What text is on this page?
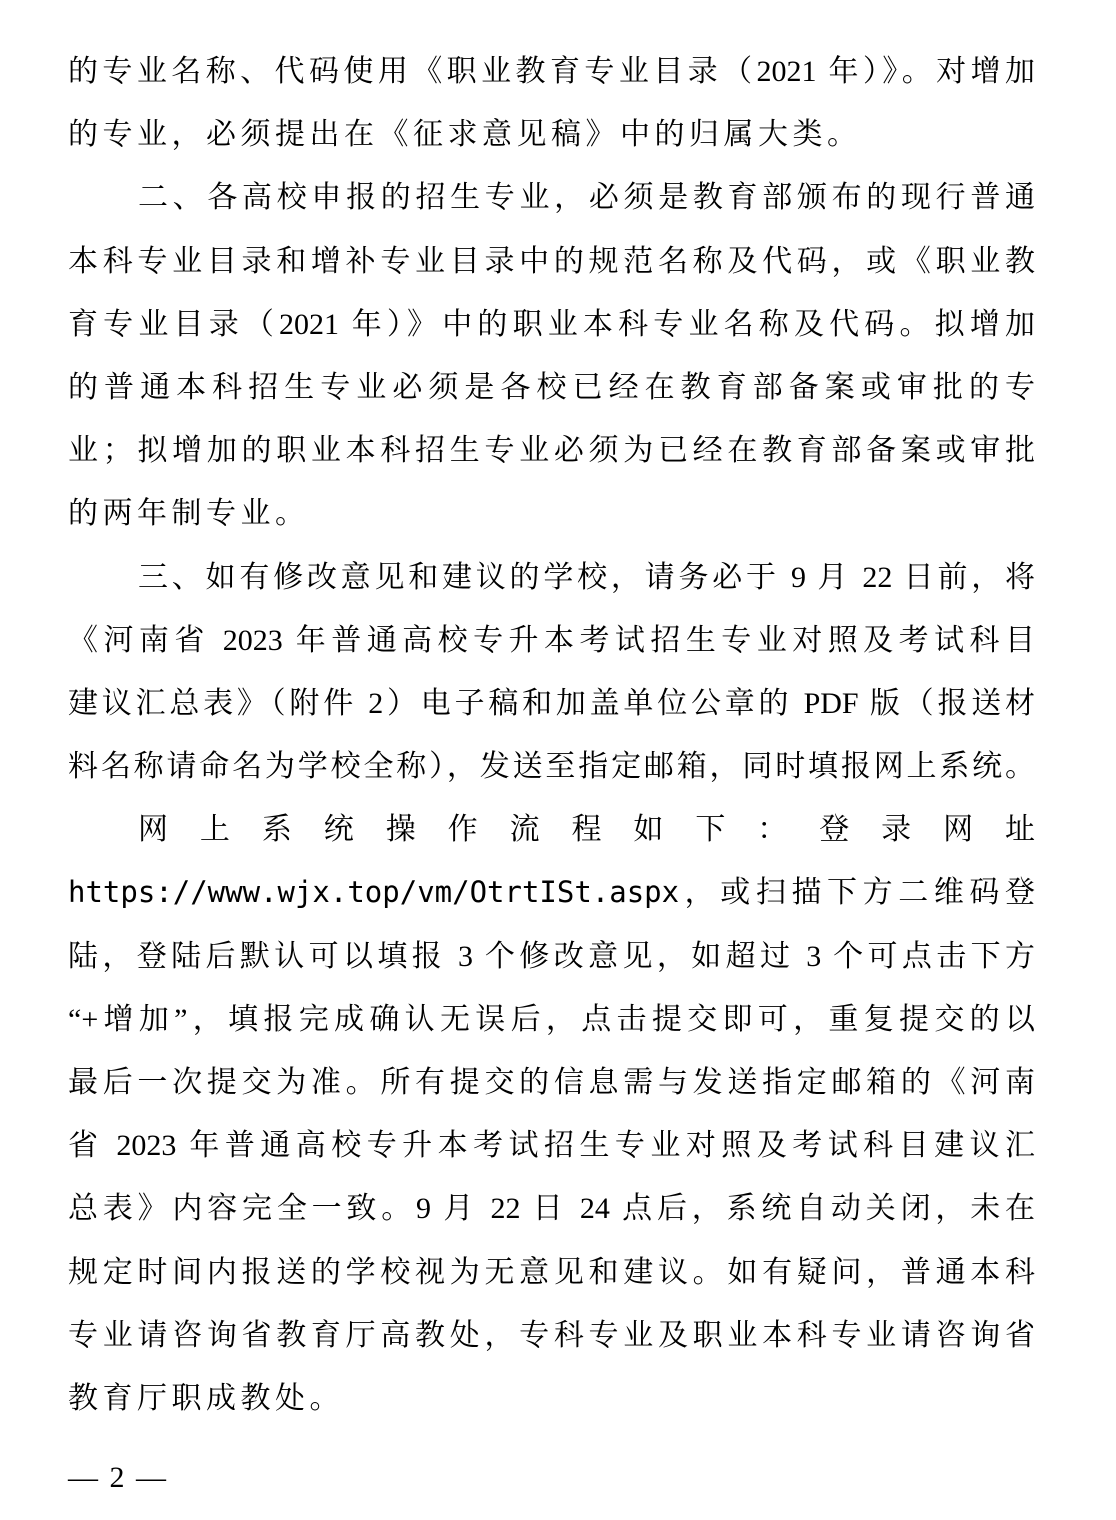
的专业名称、代码使用《职业教育专业目录（2021 年）》。对增加
的专业，必须提出在《征求意见稿》中的归属大类。
二、各高校申报的招生专业，必须是教育部颁布的现行普通
本科专业目录和增补专业目录中的规范名称及代码，或《职业教
育专业目录（2021 年）》中的职业本科专业名称及代码。拟增加
的普通本科招生专业必须是各校已经在教育部备案或审批的专
业；拟增加的职业本科招生专业必须为已经在教育部备案或审批
的两年制专业。
三、如有修改意见和建议的学校，请务必于 9 月 22 日前，将
《河南省 2023 年普通高校专升本考试招生专业对照及考试科目
建议汇总表》（附件 2）电子稿和加盖单位公章的 PDF 版（报送材
料名称请命名为学校全称），发送至指定邮箱，同时填报网上系统。
网上系统操作流程如下：登录网址
https://www.wjx.top/vm/OtrtISt.aspx，或扫描下方二维码登
陆，登陆后默认可以填报 3 个修改意见，如超过 3 个可点击下方
“+增加”，填报完成确认无误后，点击提交即可，重复提交的以
最后一次提交为准。所有提交的信息需与发送指定邮箱的《河南
省 2023 年普通高校专升本考试招生专业对照及考试科目建议汇
总表》内容完全一致。9 月 22 日 24 点后，系统自动关闭，未在
规定时间内报送的学校视为无意见和建议。如有疑问，普通本科
专业请咨询省教育厅高教处，专科专业及职业本科专业请咨询省
教育厅职成教处。
— 2 —
